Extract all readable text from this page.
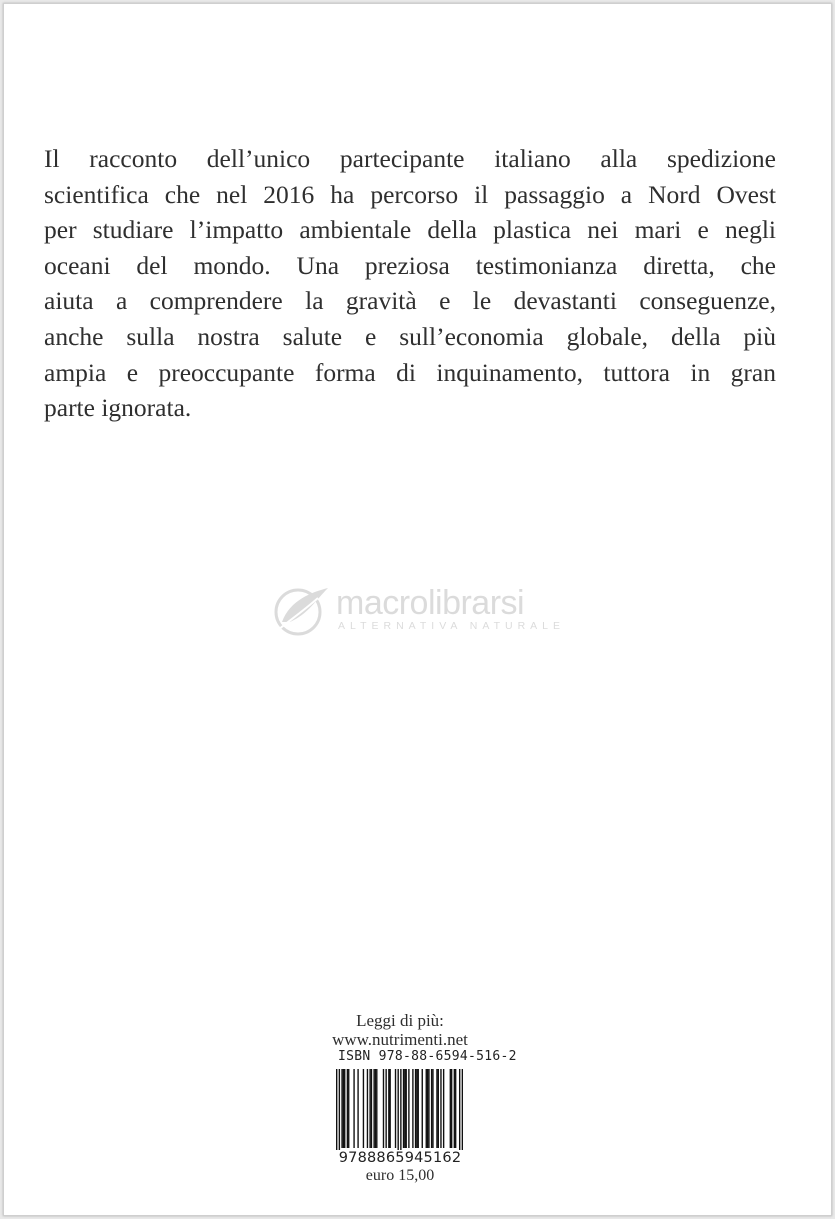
Il racconto dell’unico partecipante italiano alla spedizione
scientifica che nel 2016 ha percorso il passaggio a Nord Ovest
per studiare l’impatto ambientale della plastica nei mari e negli
oceani del mondo. Una preziosa testimonianza diretta, che
aiuta a comprendere la gravità e le devastanti conseguenze,
anche sulla nostra salute e sull’economia globale, della più
ampia e preoccupante forma di inquinamento, tuttora in gran
parte ignorata.
macrolibrarsi
ALTERNATIVA NATURALE
Leggi di più:
www.nutrimenti.net
ISBN 978-88-6594-516-2
9788865945162
euro 15,00
